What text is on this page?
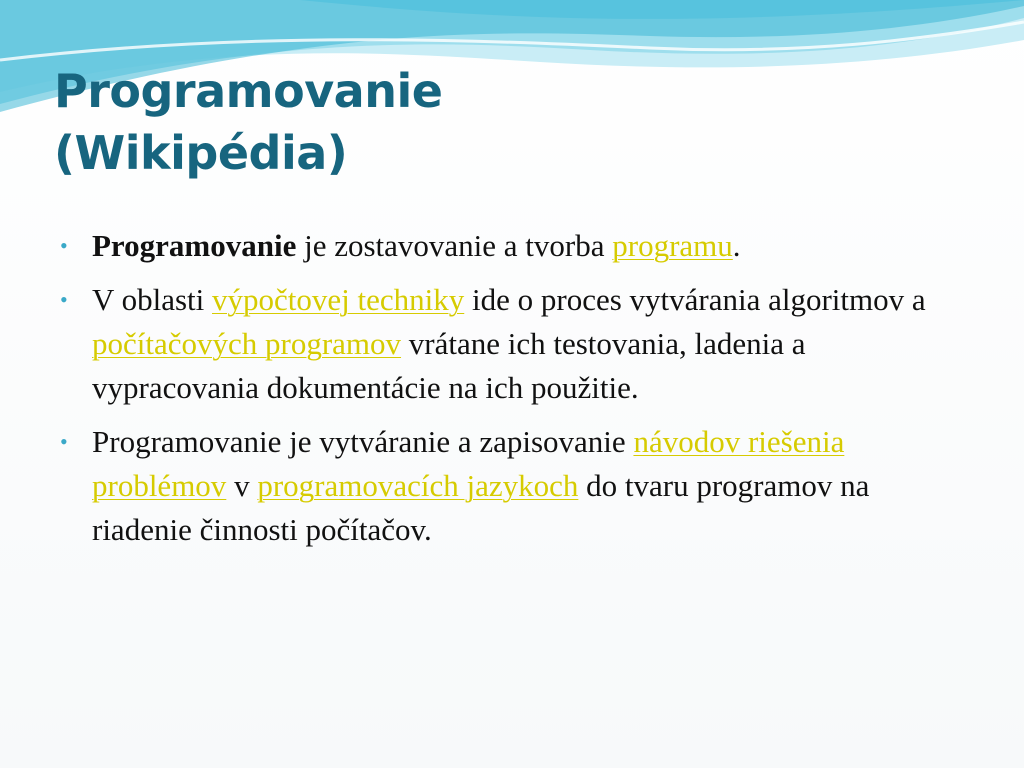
Programovanie
(Wikipédia)
• Programovanie je zostavovanie a tvorba programu.
• V oblasti výpočtovej techniky ide o proces vytvárania algoritmov a počítačových programov vrátane ich testovania, ladenia a vypracovania dokumentácie na ich použitie.
• Programovanie je vytváranie a zapisovanie návodov riešenia problémov v programovacích jazykoch do tvaru programov na riadenie činnosti počítačov.
